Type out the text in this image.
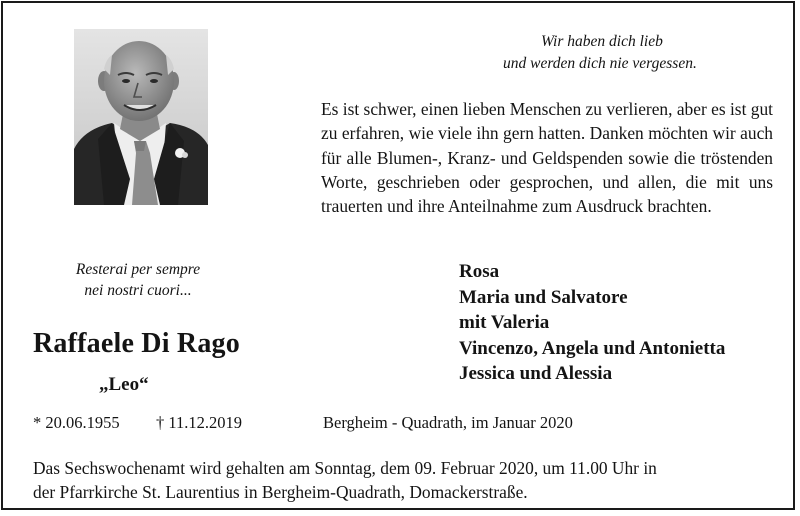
Wir haben dich lieb
und werden dich nie vergessen.
Es ist schwer, einen lieben Menschen zu verlieren, aber es ist gut zu erfahren, wie viele ihn gern hatten. Danken möchten wir auch für alle Blumen-, Kranz- und Geldspenden sowie die tröstenden Worte, geschrieben oder gesprochen, und allen, die mit uns trauerten und ihre Anteilnahme zum Ausdruck brachten.
Resterai per sempre
nei nostri cuori...
Raffaele Di Rago
„Leo“
Rosa
Maria und Salvatore
mit Valeria
Vincenzo, Angela und Antonietta
Jessica und Alessia
* 20.06.1955 † 11.12.2019	Bergheim - Quadrath, im Januar 2020
Das Sechswochenamt wird gehalten am Sonntag, dem 09. Februar 2020, um 11.00 Uhr in
der Pfarrkirche St. Laurentius in Bergheim-Quadrath, Domackerstraße.
